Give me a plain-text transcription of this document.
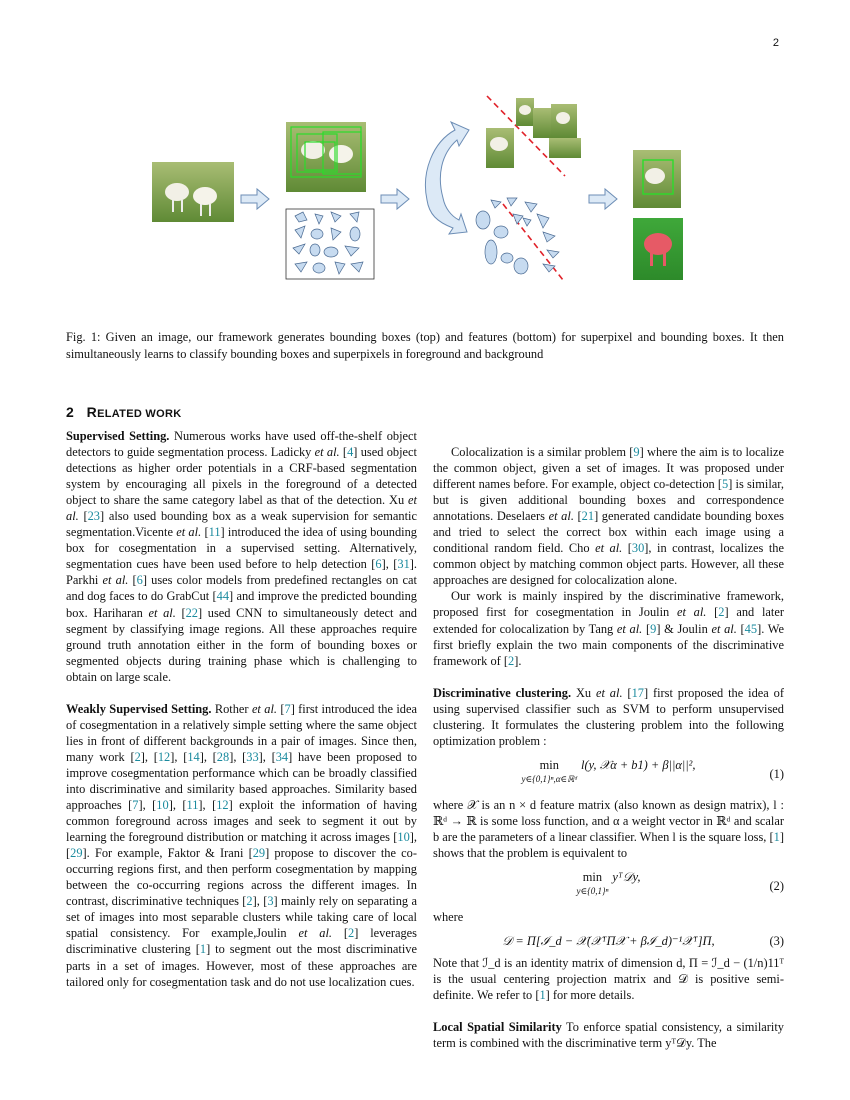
2
Fig. 1: Given an image, our framework generates bounding boxes (top) and features (bottom) for superpixel and bounding boxes. It then simultaneously learns to classify bounding boxes and superpixels in foreground and background
2 RELATED WORK

Supervised Setting. Numerous works have used off-the-shelf object detectors to guide segmentation process. Ladicky et al. [4] used object detections as higher order potentials in a CRF-based segmentation system by encouraging all pixels in the foreground of a detected object to share the same category label as that of the detection. Xu et al. [23] also used bounding box as a weak supervision for semantic segmentation.Vicente et al. [11] introduced the idea of using bounding box for cosegmentation in a supervised setting. Alternatively, segmentation cues have been used before to help detection [6], [31]. Parkhi et al. [6] uses color models from predefined rectangles on cat and dog faces to do GrabCut [44] and improve the predicted bounding box. Hariharan et al. [22] used CNN to simultaneously detect and segment by classifying image regions. All these approaches require ground truth annotation either in the form of bounding boxes or segmented objects during training phase which is challenging to obtain on large scale.

Weakly Supervised Setting. Rother et al. [7] first introduced the idea of cosegmentation in a relatively simple setting where the same object lies in front of different backgrounds in a pair of images. Since then, many work [2], [12], [14], [28], [33], [34] have been proposed to improve cosegmentation performance which can be broadly classified into discriminative and similarity based approaches. Similarity based approaches [7], [10], [11], [12] exploit the information of having common foreground across images and seek to segment it out by learning the foreground distribution or matching it across images [10], [29]. For example, Faktor & Irani [29] propose to discover the co-occurring regions first, and then perform cosegmentation by mapping between the co-occurring regions across the different images. In contrast, discriminative techniques [2], [3] mainly rely on separating a set of images into most separable clusters while taking care of local spatial consistency. For example,Joulin et al. [2] leverages discriminative clustering [1] to segment out the most discriminative parts in a set of images. However, most of these approaches are tailored only for cosegmentation task and do not use localization cues.

Colocalization is a similar problem [9] where the aim is to localize the common object, given a set of images. It was proposed under different names before. For example, object co-detection [5] is similar, but is given additional bounding boxes and correspondence annotations. Deselaers et al. [21] generated candidate bounding boxes and tried to select the correct box within each image using a conditional random field. Cho et al. [30], in contrast, localizes the common object by matching common object parts. However, all these approaches are designed for colocalization alone.

Our work is mainly inspired by the discriminative framework, proposed first for cosegmentation in Joulin et al. [2] and later extended for colocalization by Tang et al. [9] & Joulin et al. [45]. We first briefly explain the two main components of the discriminative framework of [2].

Discriminative clustering. Xu et al. [17] first proposed the idea of using supervised classifier such as SVM to perform unsupervised clustering. It formulates the clustering problem into the following optimization problem :

min
y∈{0,1}ⁿ,α∈ℝᵈ
l(y, 𝒳α + b1) + β||α||²,
(1)

where 𝒳 is an n × d feature matrix (also known as design matrix), l : ℝᵈ → ℝ is some loss function, and α a weight vector in ℝᵈ and scalar b are the parameters of a linear classifier. When l is the square loss, [1] shows that the problem is equivalent to

min
y∈{0,1}ⁿ
yᵀ𝒟y,
(2)

where

𝒟 = Π[ℐ_d − 𝒳(𝒳ᵀΠ𝒳 + βℐ_d)⁻¹𝒳ᵀ]Π,	(3)

Note that ℐ_d is an identity matrix of dimension d, Π = ℐ_d − (1/n)11ᵀ is the usual centering projection matrix and 𝒟 is positive semi-definite. We refer to [1] for more details.

Local Spatial Similarity To enforce spatial consistency, a similarity term is combined with the discriminative term yᵀ𝒟y. The
